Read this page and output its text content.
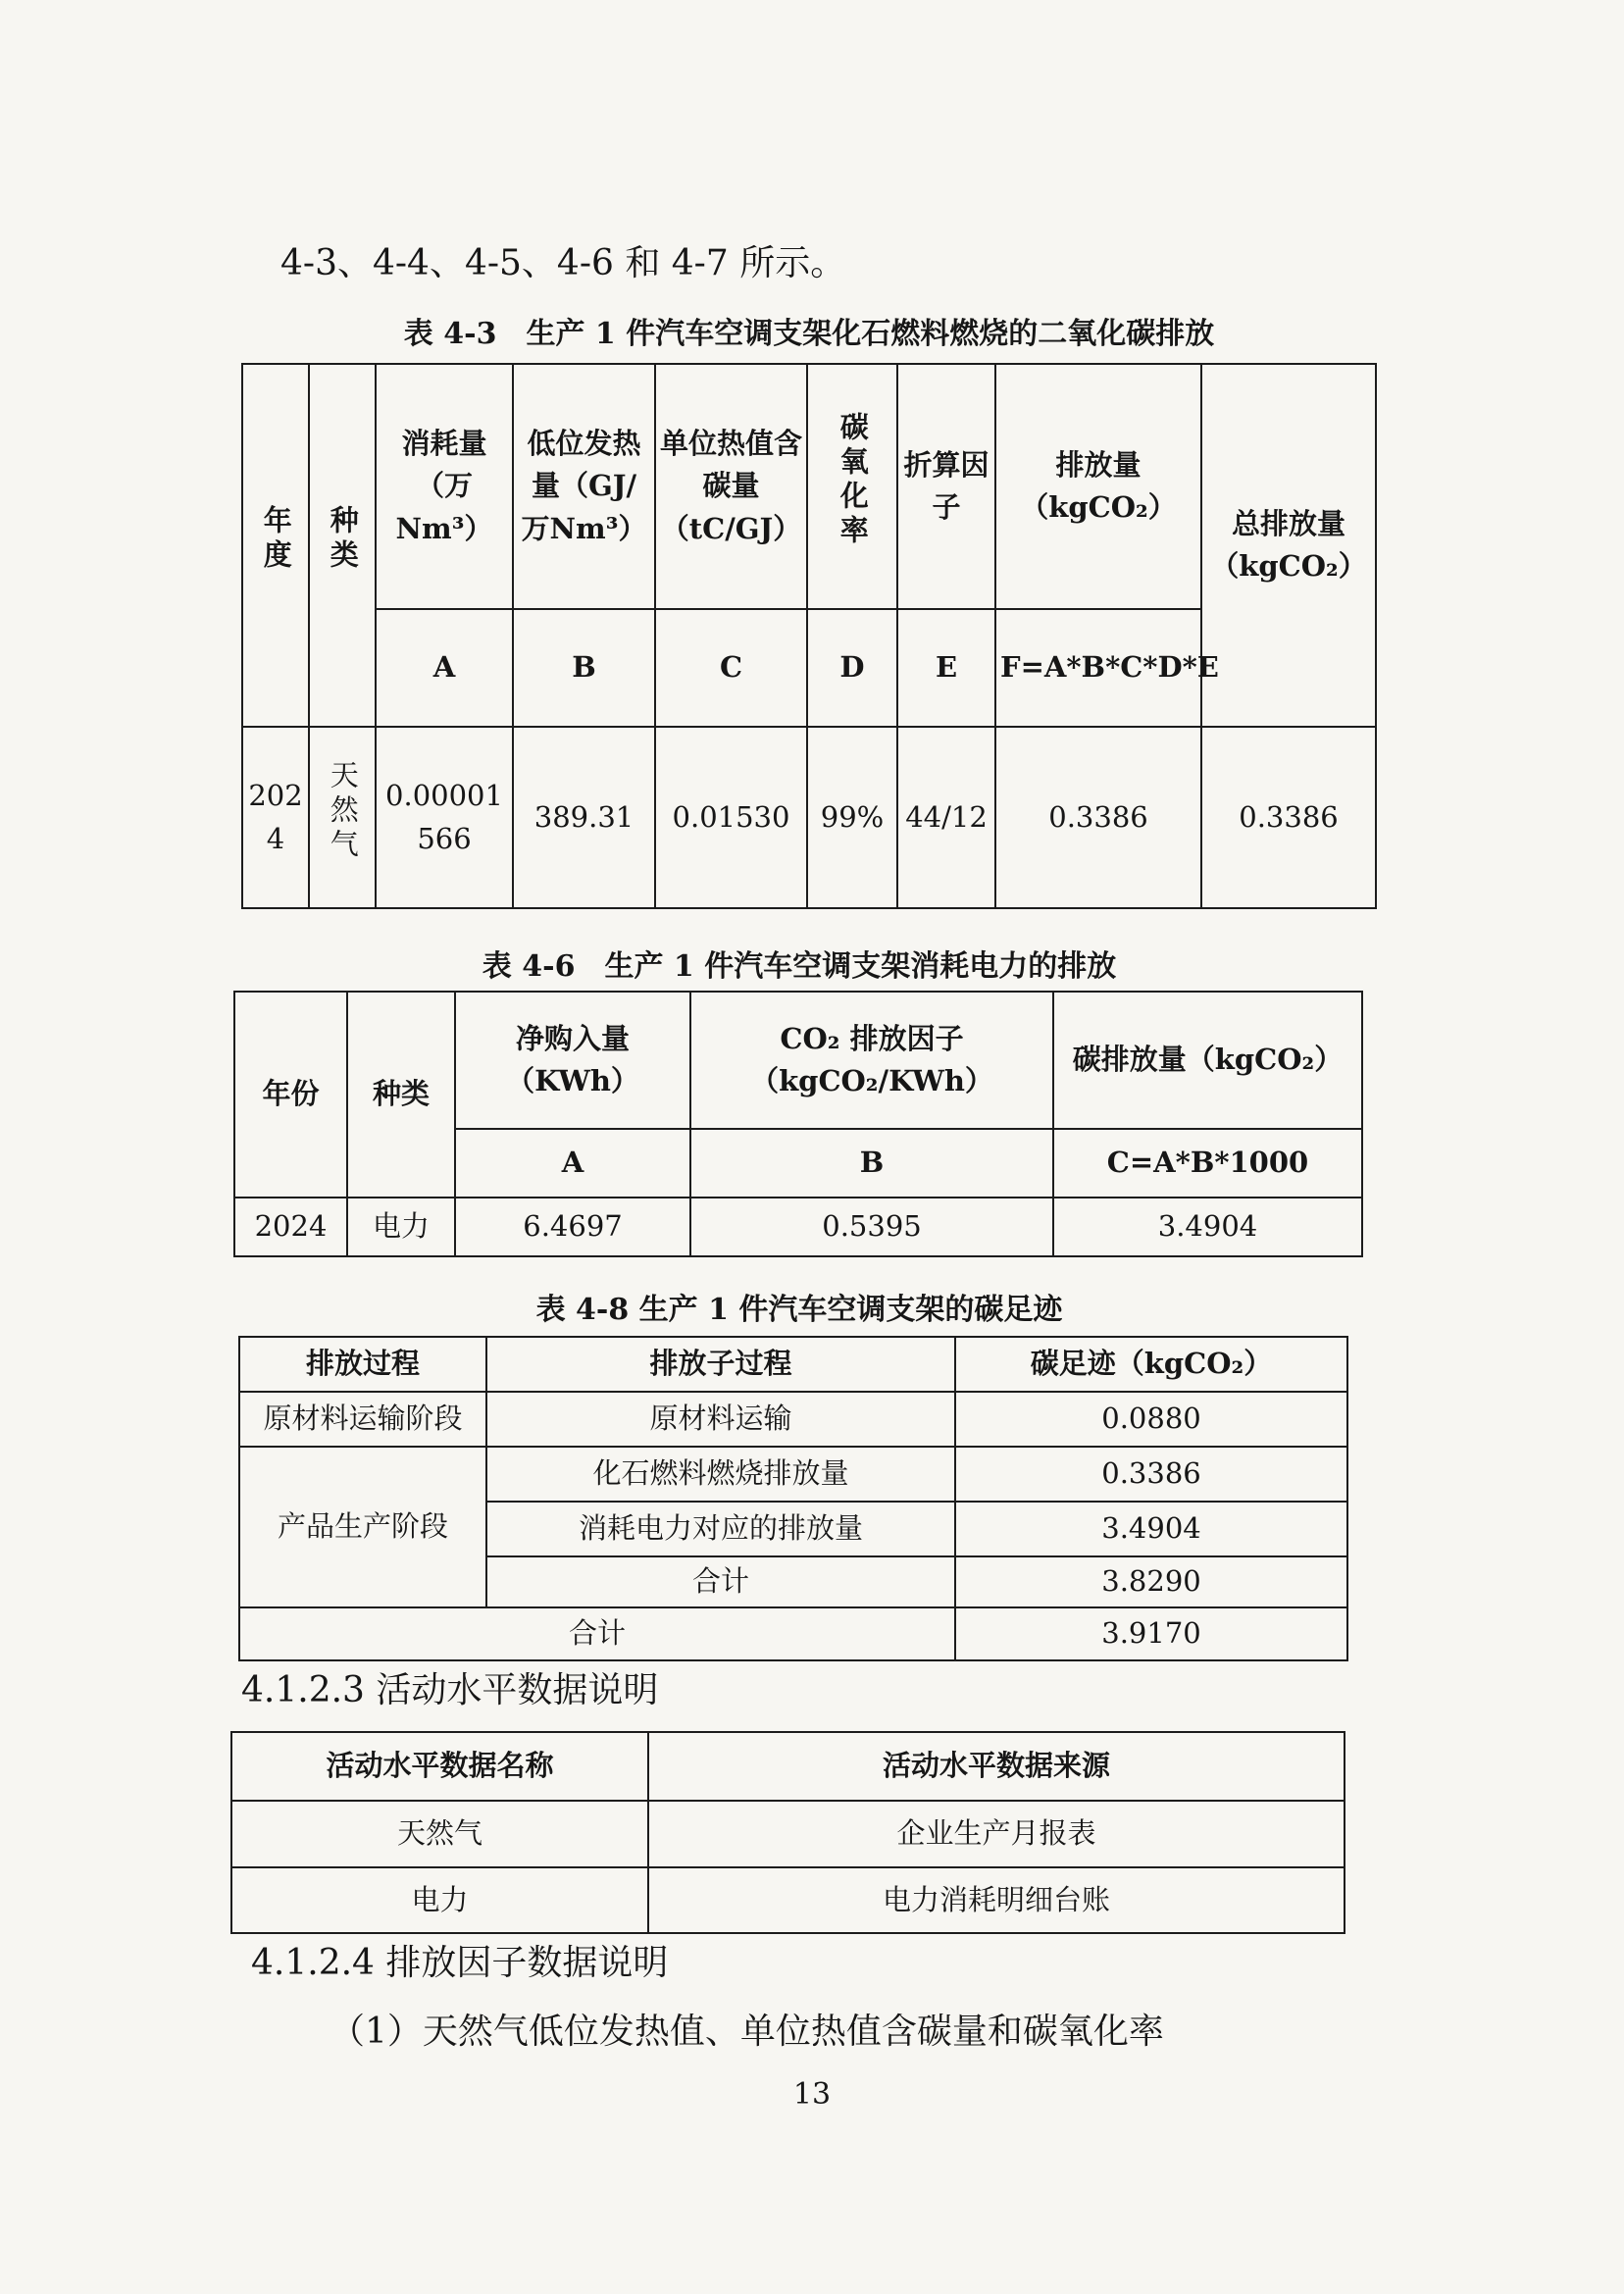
4-3、4-4、4-5、4-6 和 4-7 所示。
表 4-3　生产 1 件汽车空调支架化石燃料燃烧的二氧化碳排放
年度	种类	消耗量（万Nm³）	低位发热量（GJ/万Nm³）	单位热值含碳量（tC/GJ）	碳氧化率	折算因子	排放量（kgCO₂）	总排放量（kgCO₂）
		A	B	C	D	E	F=A*B*C*D*E	
2024	天然气	0.00001566	389.31	0.01530	99%	44/12	0.3386	0.3386
表 4-6　生产 1 件汽车空调支架消耗电力的排放
年份	种类	净购入量（KWh）	CO₂ 排放因子（kgCO₂/KWh）	碳排放量（kgCO₂）
		A	B	C=A*B*1000
2024	电力	6.4697	0.5395	3.4904
表 4-8 生产 1 件汽车空调支架的碳足迹
排放过程	排放子过程	碳足迹（kgCO₂）
原材料运输阶段	原材料运输	0.0880
产品生产阶段	化石燃料燃烧排放量	0.3386
	消耗电力对应的排放量	3.4904
	合计	3.8290
合计		3.9170
4.1.2.3 活动水平数据说明
活动水平数据名称	活动水平数据来源
天然气	企业生产月报表
电力	电力消耗明细台账
4.1.2.4 排放因子数据说明
（1）天然气低位发热值、单位热值含碳量和碳氧化率
13
